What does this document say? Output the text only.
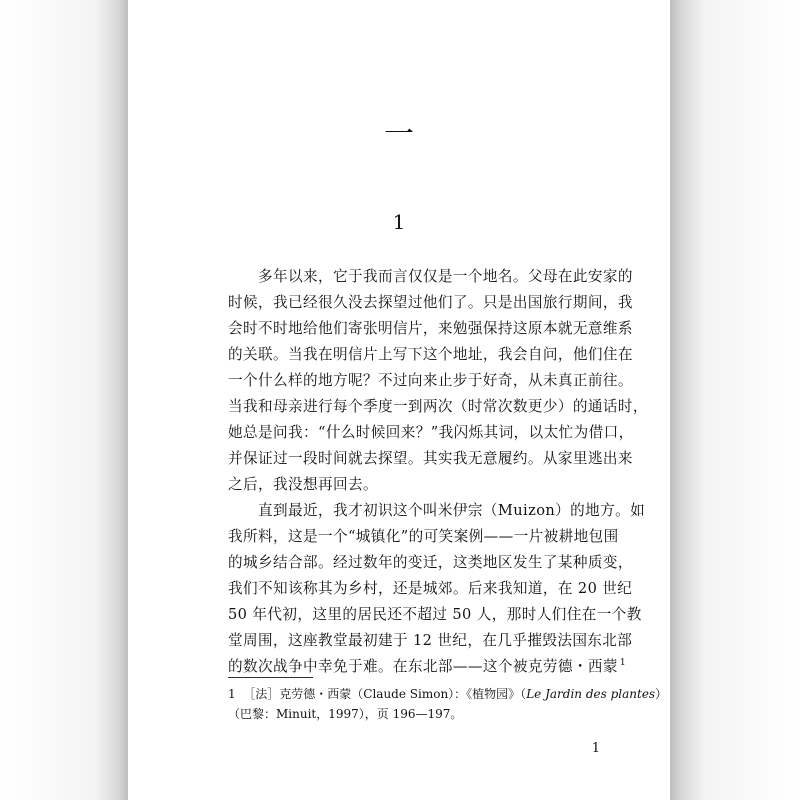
一
1
多年以来，它于我而言仅仅是一个地名。父母在此安家的
时候，我已经很久没去探望过他们了。只是出国旅行期间，我
会时不时地给他们寄张明信片，来勉强保持这原本就无意维系
的关联。当我在明信片上写下这个地址，我会自问，他们住在
一个什么样的地方呢？不过向来止步于好奇，从未真正前往。
当我和母亲进行每个季度一到两次（时常次数更少）的通话时，
她总是问我：“什么时候回来？”我闪烁其词，以太忙为借口，
并保证过一段时间就去探望。其实我无意履约。从家里逃出来
之后，我没想再回去。
直到最近，我才初识这个叫米伊宗（Muizon）的地方。如
我所料，这是一个“城镇化”的可笑案例——一片被耕地包围
的城乡结合部。经过数年的变迁，这类地区发生了某种质变，
我们不知该称其为乡村，还是城郊。后来我知道，在 20 世纪
50 年代初，这里的居民还不超过 50 人，那时人们住在一个教
堂周围，这座教堂最初建于 12 世纪，在几乎摧毁法国东北部
的数次战争中幸免于难。在东北部——这个被克劳德・西蒙 $^1$
1 ［法］克劳德・西蒙（Claude Simon）：《植物园》（Le Jardin des plantes）
（巴黎：Minuit，1997），页 196—197。
1
